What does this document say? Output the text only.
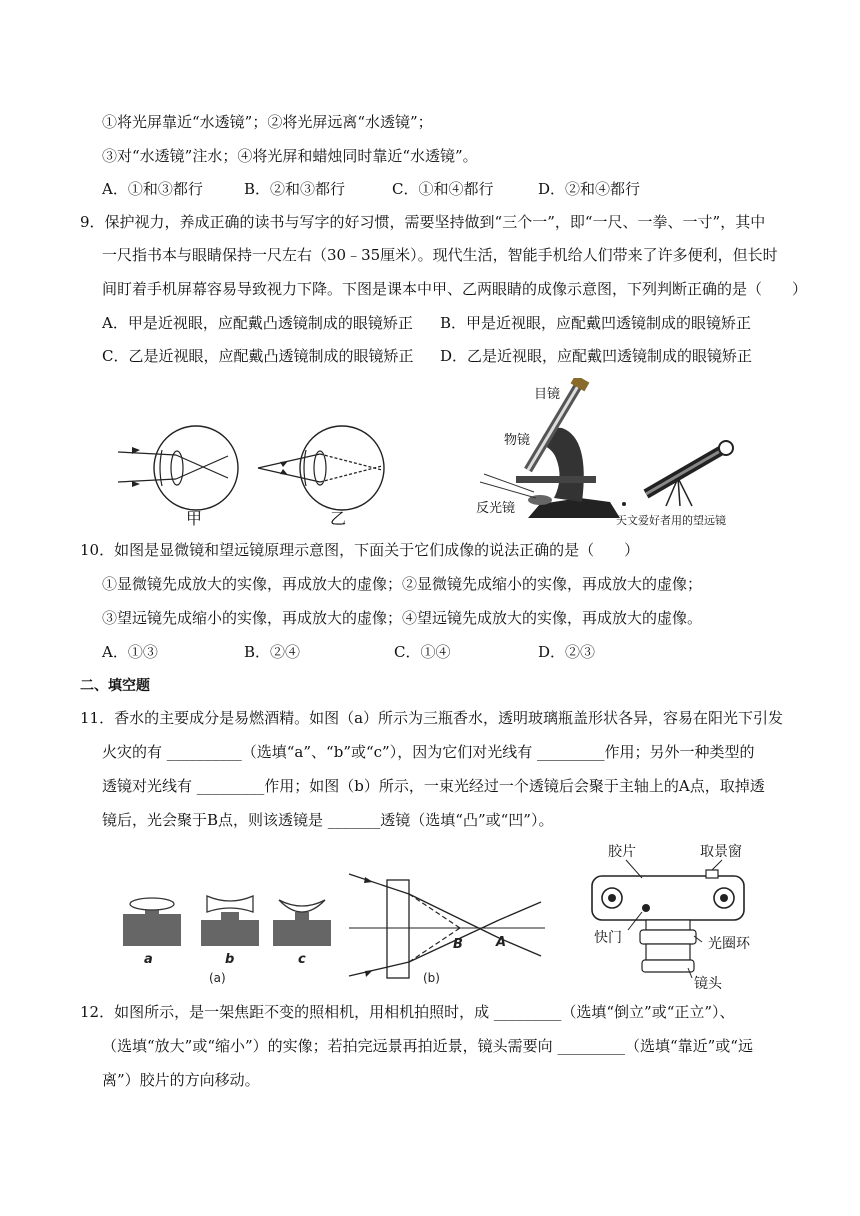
①将光屏靠近“水透镜”；②将光屏远离“水透镜”；
③对“水透镜”注水；④将光屏和蜡烛同时靠近“水透镜”。
A．①和③都行	B．②和③都行	C．①和④都行	D．②和④都行
9．保护视力，养成正确的读书与写字的好习惯，需要坚持做到“三个一”，即“一尺、一拳、一寸”，其中
一尺指书本与眼睛保持一尺左右（30﹣35厘米）。现代生活，智能手机给人们带来了许多便利，但长时
间盯着手机屏幕容易导致视力下降。下图是课本中甲、乙两眼睛的成像示意图，下列判断正确的是（　　）
A．甲是近视眼，应配戴凸透镜制成的眼镜矫正 B．甲是近视眼，应配戴凹透镜制成的眼镜矫正
C．乙是近视眼，应配戴凸透镜制成的眼镜矫正 D．乙是近视眼，应配戴凹透镜制成的眼镜矫正
甲	乙
目镜
物镜
反光镜
天文爱好者用的望远镜
10．如图是显微镜和望远镜原理示意图，下面关于它们成像的说法正确的是（　　）
①显微镜先成放大的实像，再成放大的虚像；②显微镜先成缩小的实像，再成放大的虚像；
③望远镜先成缩小的实像，再成放大的虚像；④望远镜先成放大的实像，再成放大的虚像。
A．①③	B．②④	C．①④	D．②③
二、填空题
11．香水的主要成分是易燃酒精。如图（a）所示为三瓶香水，透明玻璃瓶盖形状各异，容易在阳光下引发
火灾的有 __________（选填“a”、“b”或“c”），因为它们对光线有 _________作用；另外一种类型的
透镜对光线有 _________作用；如图（b）所示，一束光经过一个透镜后会聚于主轴上的A点，取掉透
镜后，光会聚于B点，则该透镜是 _______透镜（选填“凸”或“凹”）。
a	b	c
(a)
A
B
(b)
胶片	取景窗
快门	光圈环
镜头
12．如图所示，是一架焦距不变的照相机，用相机拍照时，成 _________（选填“倒立”或“正立”）、
（选填“放大”或“缩小”）的实像；若拍完远景再拍近景，镜头需要向 _________（选填“靠近”或“远
离”）胶片的方向移动。
